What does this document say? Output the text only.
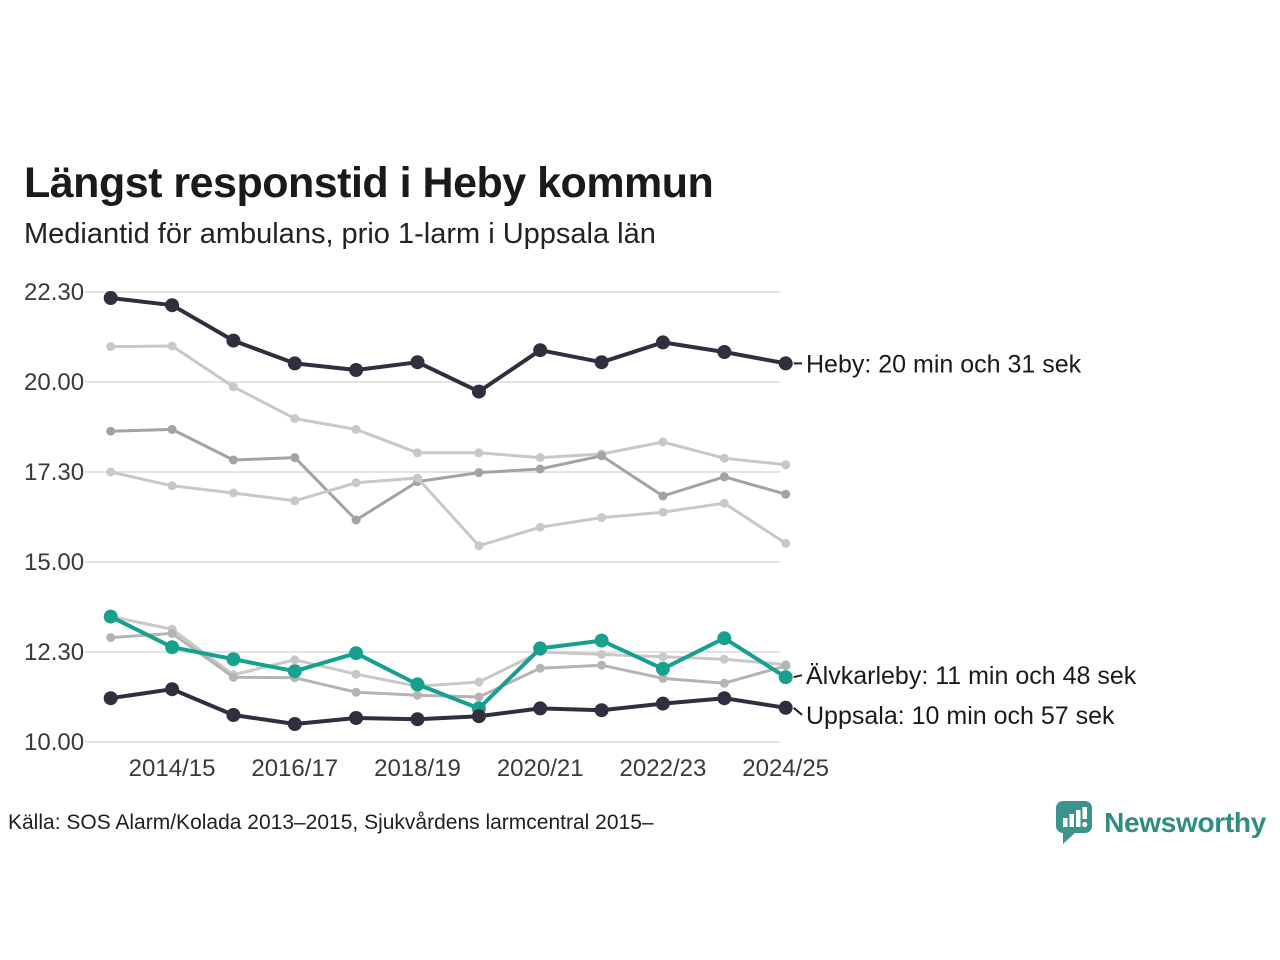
Längst responstid i Heby kommun
Mediantid för ambulans, prio 1-larm i Uppsala län
22.30
20.00
17.30
15.00
12.30
10.00
2014/15 2016/17 2018/19 2020/21 2022/23 2024/25
Heby: 20 min och 31 sek
Älvkarleby: 11 min och 48 sek
Uppsala: 10 min och 57 sek
Källa: SOS Alarm/Kolada 2013–2015, Sjukvårdens larmcentral 2015–	Newsworthy
